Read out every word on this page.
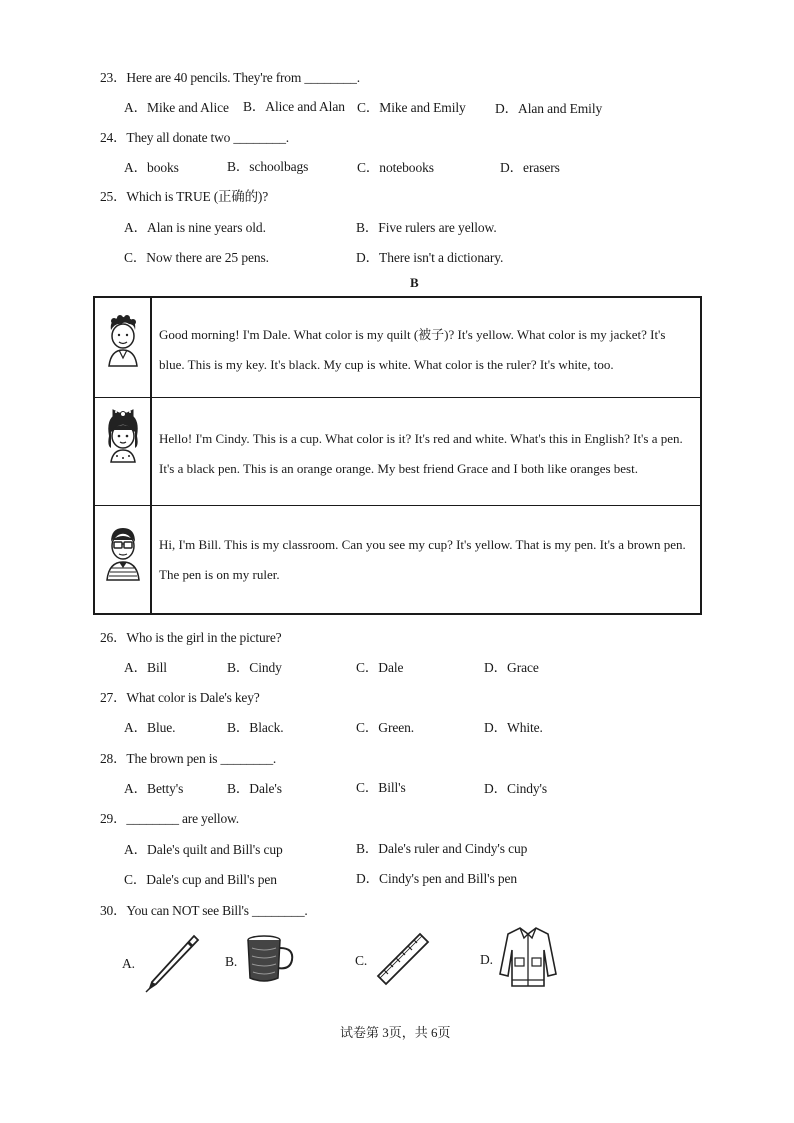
23．Here are 40 pencils. They're from ________.
A．Mike and Alice B．Alice and Alan C．Mike and Emily D．Alan and Emily
24．They all donate two ________.
A．books	B．schoolbags	C．notebooks	D．erasers
25．Which is TRUE (正确的)?
A．Alan is nine years old.	B．Five rulers are yellow.
C．Now there are 25 pens.	D．There isn't a dictionary.
B
Good morning! I'm Dale. What color is my quilt (被子)? It's yellow. What color is my jacket? It's
blue. This is my key. It's black. My cup is white. What color is the ruler? It's white, too.
Hello! I'm Cindy. This is a cup. What color is it? It's red and white. What's this in English? It's a pen.
It's a black pen. This is an orange orange. My best friend Grace and I both like oranges best.
Hi, I'm Bill. This is my classroom. Can you see my cup? It's yellow. That is my pen. It's a brown pen.
The pen is on my ruler.
26．Who is the girl in the picture?
A．Bill	B．Cindy	C．Dale	D．Grace
27．What color is Dale's key?
A．Blue.	B．Black.	C．Green.	D．White.
28．The brown pen is ________.
A．Betty's	B．Dale's	C．Bill's	D．Cindy's
29．________ are yellow.
A．Dale's quilt and Bill's cup	B．Dale's ruler and Cindy's cup
C．Dale's cup and Bill's pen	D．Cindy's pen and Bill's pen
30．You can NOT see Bill's ________.
A.	B.	C.	D.
试卷第 3页，共 6页
